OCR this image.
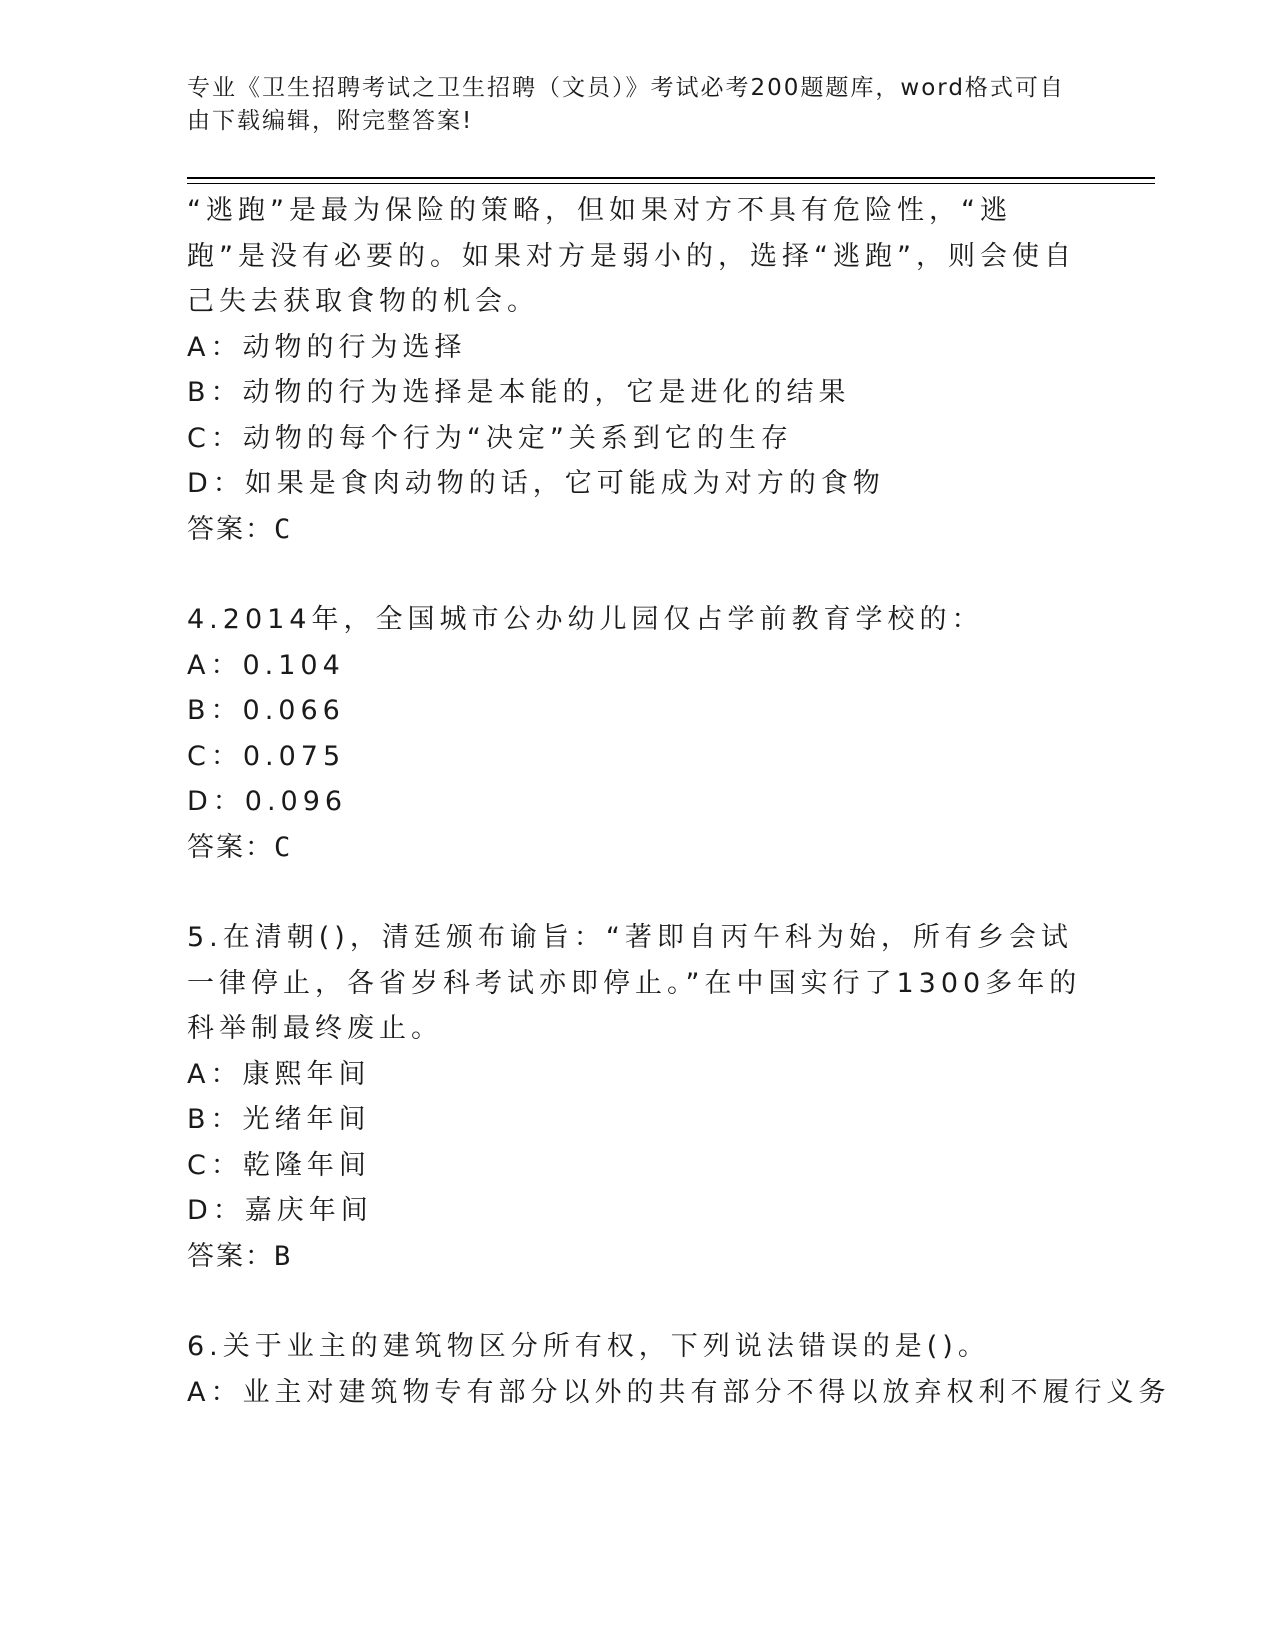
专业《卫生招聘考试之卫生招聘（文员）》考试必考200题题库，word格式可自由下载编辑，附完整答案!

“逃跑”是最为保险的策略，但如果对方不具有危险性，“逃跑”是没有必要的。如果对方是弱小的，选择“逃跑”，则会使自己失去获取食物的机会。

A：动物的行为选择

B：动物的行为选择是本能的，它是进化的结果

C：动物的每个行为“决定”关系到它的生存

D：如果是食肉动物的话，它可能成为对方的食物

答案：C

4.2014年，全国城市公办幼儿园仅占学前教育学校的：

A：0.104

B：0.066

C：0.075

D：0.096

答案：C

5.在清朝()，清廷颁布谕旨：“著即自丙午科为始，所有乡会试一律停止，各省岁科考试亦即停止。”在中国实行了1300多年的科举制最终废止。

A：康熙年间

B：光绪年间

C：乾隆年间

D：嘉庆年间

答案：B

6.关于业主的建筑物区分所有权，下列说法错误的是()。

A：业主对建筑物专有部分以外的共有部分不得以放弃权利不履行义务
